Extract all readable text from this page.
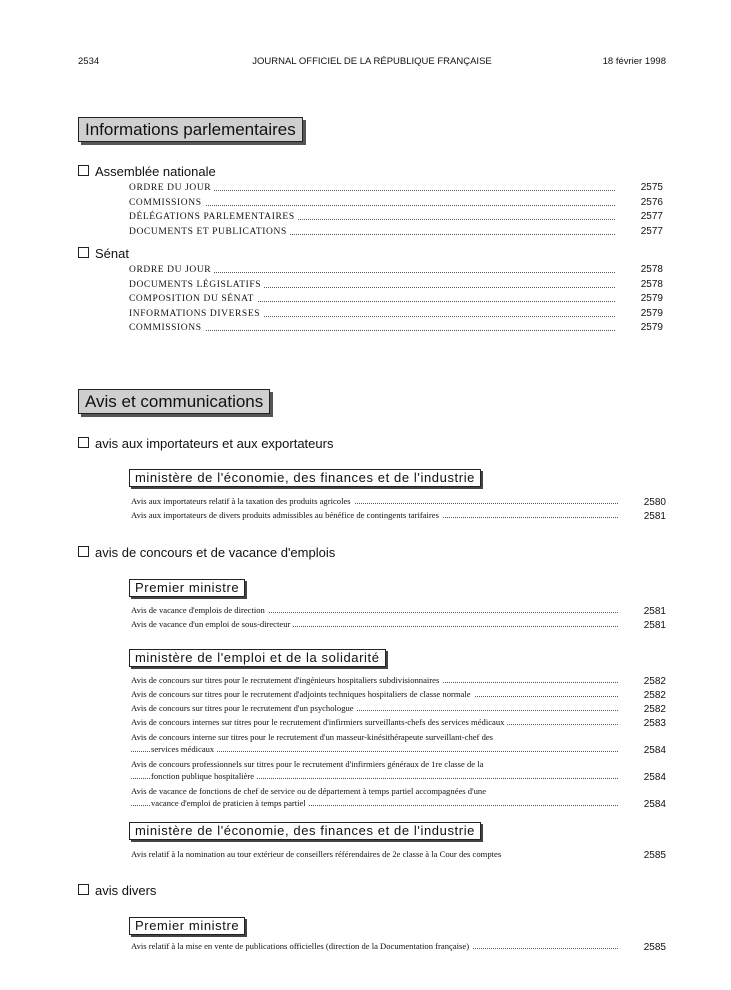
2534	JOURNAL OFFICIEL DE LA RÉPUBLIQUE FRANÇAISE	18 février 1998
Informations parlementaires
Assemblée nationale
ORDRE DU JOUR	2575
COMMISSIONS	2576
DÉLÉGATIONS PARLEMENTAIRES	2577
DOCUMENTS ET PUBLICATIONS	2577
Sénat
ORDRE DU JOUR	2578
DOCUMENTS LÉGISLATIFS	2578
COMPOSITION DU SÉNAT	2579
INFORMATIONS DIVERSES	2579
COMMISSIONS	2579
Avis et communications
avis aux importateurs et aux exportateurs
ministère de l'économie, des finances et de l'industrie
Avis aux importateurs relatif à la taxation des produits agricoles	2580
Avis aux importateurs de divers produits admissibles au bénéfice de contingents tarifaires	2581
avis de concours et de vacance d'emplois
Premier ministre
Avis de vacance d'emplois de direction	2581
Avis de vacance d'un emploi de sous-directeur	2581
ministère de l'emploi et de la solidarité
Avis de concours sur titres pour le recrutement d'ingénieurs hospitaliers subdivisionnaires	2582
Avis de concours sur titres pour le recrutement d'adjoints techniques hospitaliers de classe normale	2582
Avis de concours sur titres pour le recrutement d'un psychologue	2582
Avis de concours internes sur titres pour le recrutement d'infirmiers surveillants-chefs des services médicaux	2583
Avis de concours interne sur titres pour le recrutement d'un masseur-kinésithérapeute surveillant-chef des
services médicaux	2584
Avis de concours professionnels sur titres pour le recrutement d'infirmiers généraux de 1re classe de la
fonction publique hospitalière	2584
Avis de vacance de fonctions de chef de service ou de département à temps partiel accompagnées d'une
vacance d'emploi de praticien à temps partiel	2584
ministère de l'économie, des finances et de l'industrie
Avis relatif à la nomination au tour extérieur de conseillers référendaires de 2e classe à la Cour des comptes	2585
avis divers
Premier ministre
Avis relatif à la mise en vente de publications officielles (direction de la Documentation française)	2585
